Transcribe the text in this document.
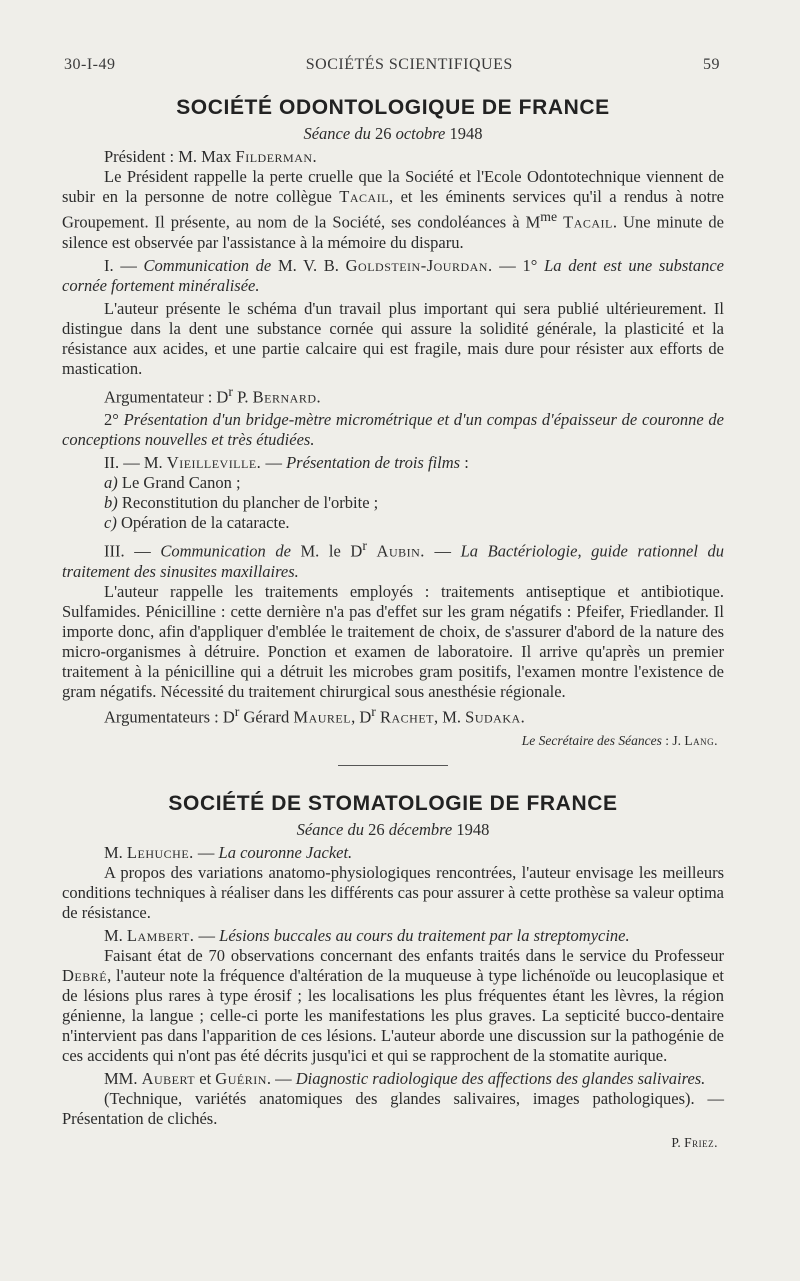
30-I-49	SOCIÉTÉS SCIENTIFIQUES	59
SOCIÉTÉ ODONTOLOGIQUE DE FRANCE
Séance du 26 octobre 1948

Président : M. Max Filderman.

Le Président rappelle la perte cruelle que la Société et l'Ecole Odontotechnique viennent de subir en la personne de notre collègue Tacail, et les éminents services qu'il a rendus à notre Groupement. Il présente, au nom de la Société, ses condoléances à $M^{me}$ Tacail. Une minute de silence est observée par l'assistance à la mémoire du disparu.

I. — Communication de M. V. B. Goldstein-Jourdan. — 1° La dent est une substance cornée fortement minéralisée.

L'auteur présente le schéma d'un travail plus important qui sera publié ultérieurement. Il distingue dans la dent une substance cornée qui assure la solidité générale, la plasticité et la résistance aux acides, et une partie calcaire qui est fragile, mais dure pour résister aux efforts de mastication.

Argumentateur : $D^r$ P. Bernard.

2° Présentation d'un bridge-mètre micrométrique et d'un compas d'épaisseur de couronne de conceptions nouvelles et très étudiées.

II. — M. Vieilleville. — Présentation de trois films :

a) Le Grand Canon ;

b) Reconstitution du plancher de l'orbite ;

c) Opération de la cataracte.

III. — Communication de M. le $D^r$ Aubin. — La Bactériologie, guide rationnel du traitement des sinusites maxillaires.

L'auteur rappelle les traitements employés : traitements antiseptique et antibiotique. Sulfamides. Pénicilline : cette dernière n'a pas d'effet sur les gram négatifs : Pfeifer, Friedlander. Il importe donc, afin d'appliquer d'emblée le traitement de choix, de s'assurer d'abord de la nature des micro-organismes à détruire. Ponction et examen de laboratoire. Il arrive qu'après un premier traitement à la pénicilline qui a détruit les microbes gram positifs, l'examen montre l'existence de gram négatifs. Nécessité du traitement chirurgical sous anesthésie régionale.

Argumentateurs : $D^r$ Gérard Maurel, $D^r$ Rachet, M. Sudaka.

Le Secrétaire des Séances : J. Lang.

SOCIÉTÉ DE STOMATOLOGIE DE FRANCE
Séance du 26 décembre 1948

M. Lehuche. — La couronne Jacket.

A propos des variations anatomo-physiologiques rencontrées, l'auteur envisage les meilleurs conditions techniques à réaliser dans les différents cas pour assurer à cette prothèse sa valeur optima de résistance.

M. Lambert. — Lésions buccales au cours du traitement par la streptomycine.

Faisant état de 70 observations concernant des enfants traités dans le service du Professeur Debré, l'auteur note la fréquence d'altération de la muqueuse à type lichénoïde ou leucoplasique et de lésions plus rares à type érosif ; les localisations les plus fréquentes étant les lèvres, la région génienne, la langue ; celle-ci porte les manifestations les plus graves. La septicité bucco-dentaire n'intervient pas dans l'apparition de ces lésions. L'auteur aborde une discussion sur la pathogénie de ces accidents qui n'ont pas été décrits jusqu'ici et qui se rapprochent de la stomatite aurique.

MM. Aubert et Guérin. — Diagnostic radiologique des affections des glandes salivaires.

(Technique, variétés anatomiques des glandes salivaires, images pathologiques). — Présentation de clichés.

P. Friez.
